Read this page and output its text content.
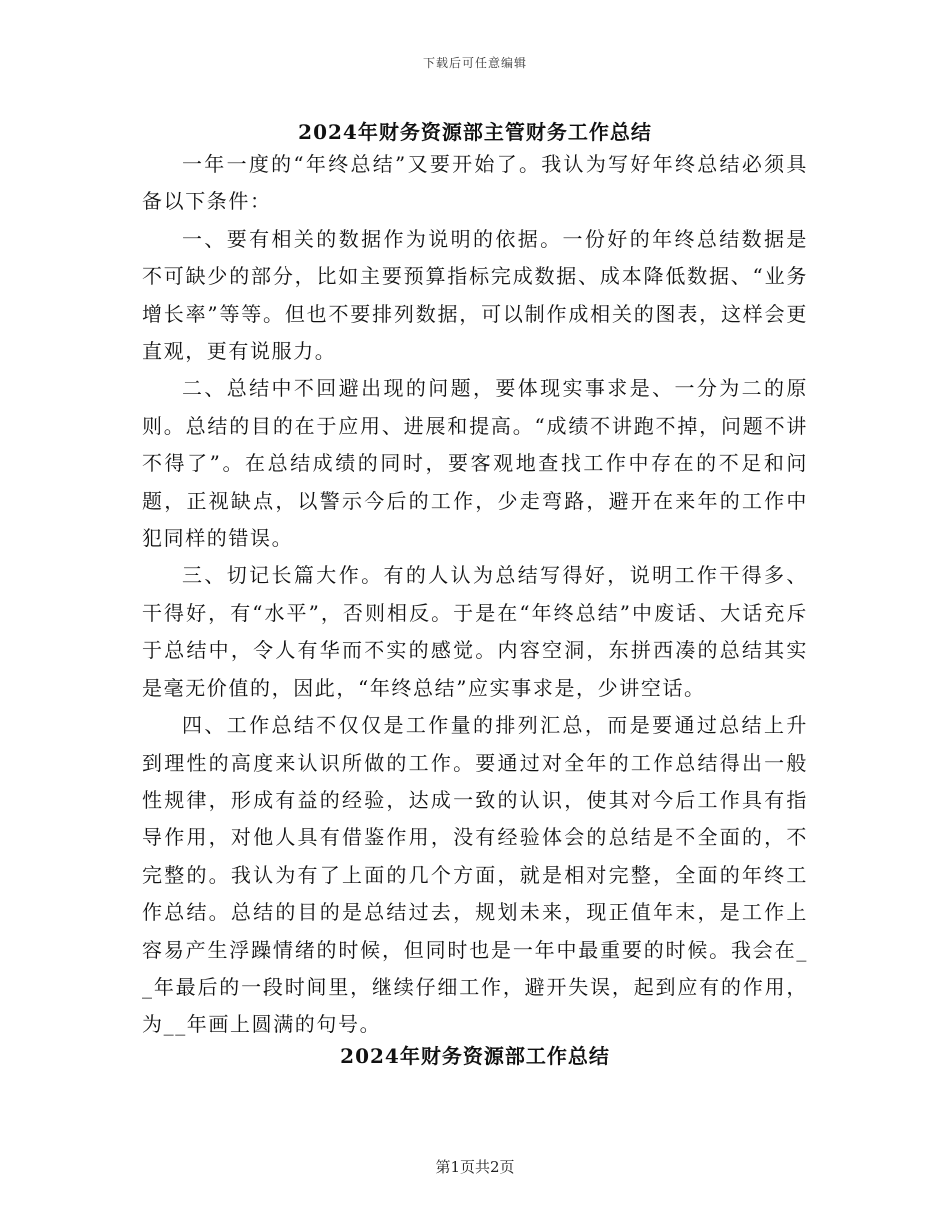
下载后可任意编辑
2024年财务资源部主管财务工作总结

一年一度的“年终总结”又要开始了。我认为写好年终总结必须具备以下条件：

一、要有相关的数据作为说明的依据。一份好的年终总结数据是不可缺少的部分，比如主要预算指标完成数据、成本降低数据、“业务增长率”等等。但也不要排列数据，可以制作成相关的图表，这样会更直观，更有说服力。

二、总结中不回避出现的问题，要体现实事求是、一分为二的原则。总结的目的在于应用、进展和提高。“成绩不讲跑不掉，问题不讲不得了”。在总结成绩的同时，要客观地查找工作中存在的不足和问题，正视缺点，以警示今后的工作，少走弯路，避开在来年的工作中犯同样的错误。

三、切记长篇大作。有的人认为总结写得好，说明工作干得多、干得好，有“水平”，否则相反。于是在“年终总结”中废话、大话充斥于总结中，令人有华而不实的感觉。内容空洞，东拼西凑的总结其实是毫无价值的，因此，“年终总结”应实事求是，少讲空话。

四、工作总结不仅仅是工作量的排列汇总，而是要通过总结上升到理性的高度来认识所做的工作。要通过对全年的工作总结得出一般性规律，形成有益的经验，达成一致的认识，使其对今后工作具有指导作用，对他人具有借鉴作用，没有经验体会的总结是不全面的，不完整的。我认为有了上面的几个方面，就是相对完整，全面的年终工作总结。总结的目的是总结过去，规划未来，现正值年末，是工作上容易产生浮躁情绪的时候，但同时也是一年中最重要的时候。我会在__年最后的一段时间里，继续仔细工作，避开失误，起到应有的作用，为__年画上圆满的句号。

2024年财务资源部工作总结
第1页共2页
